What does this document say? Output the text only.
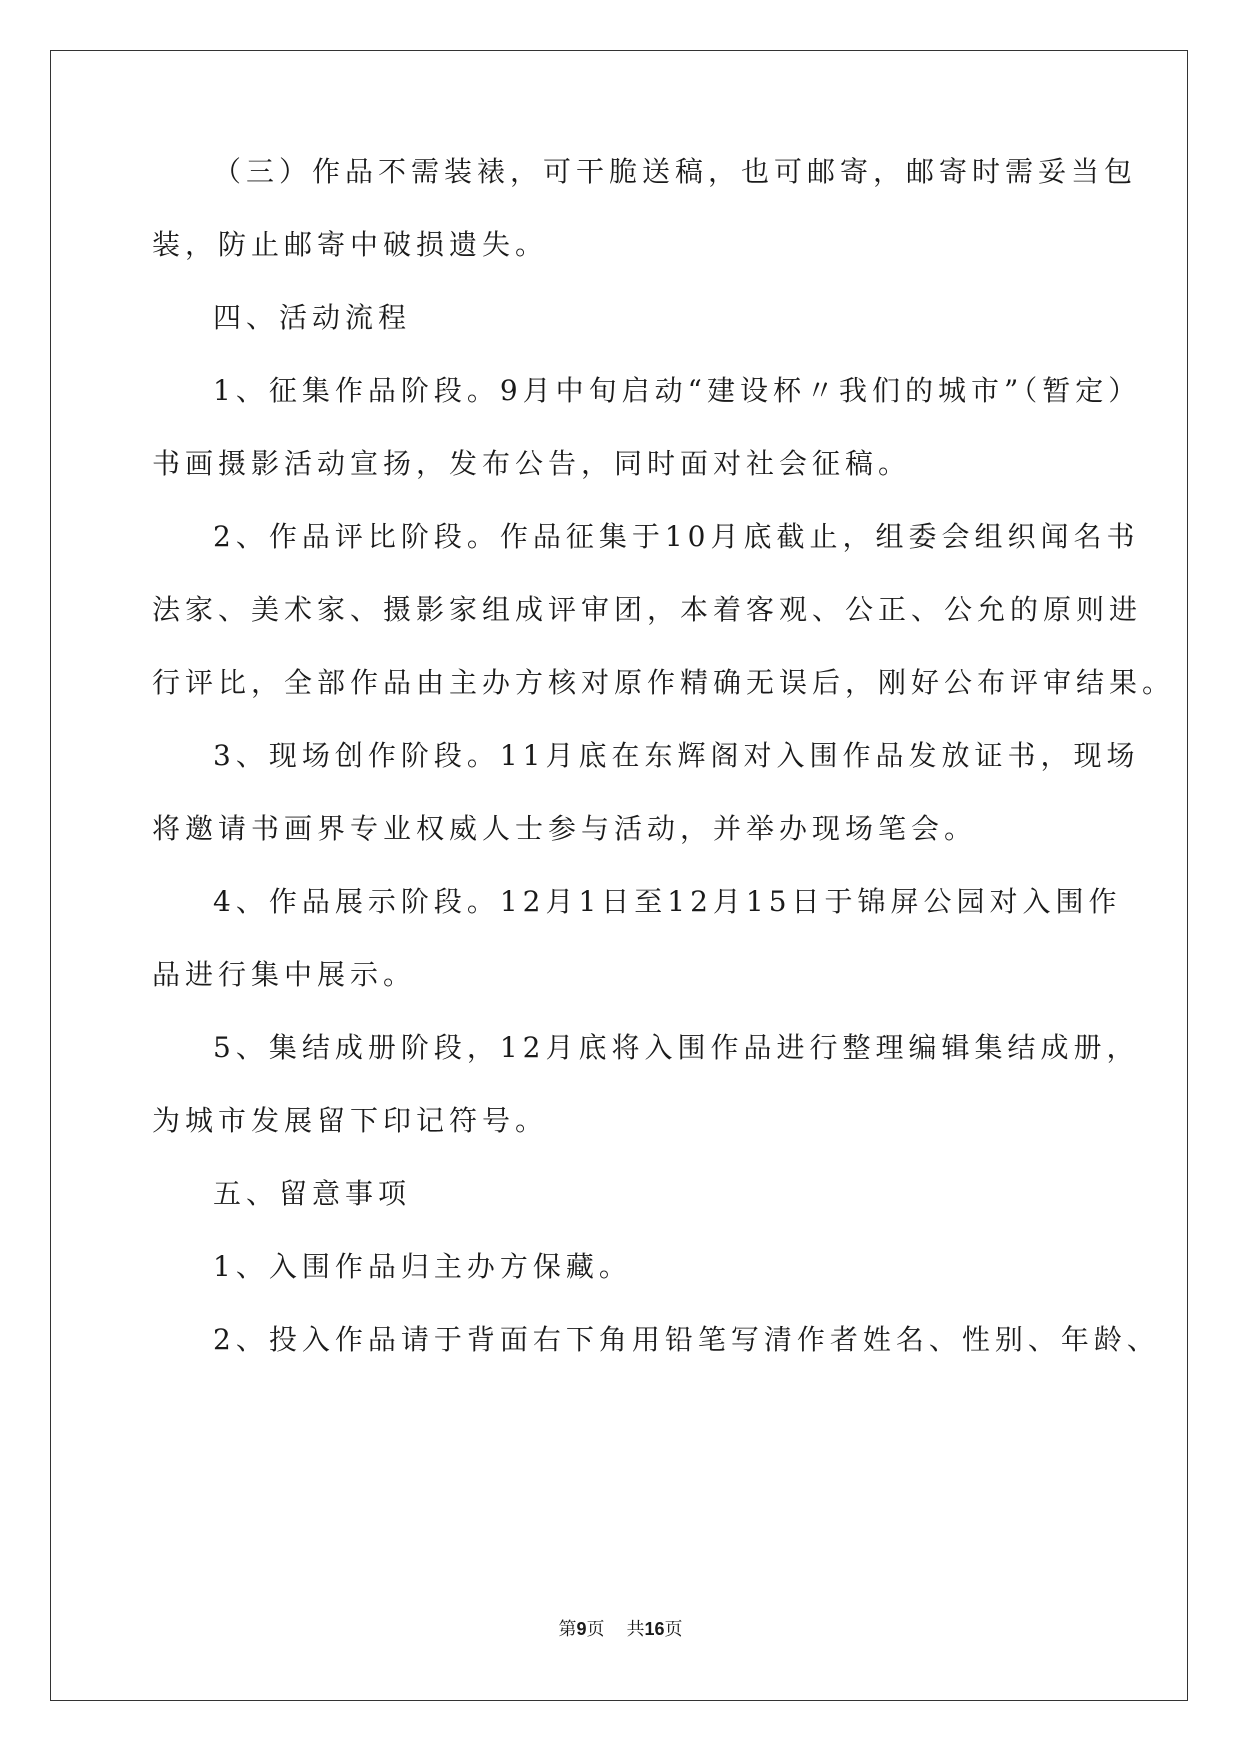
（三）作品不需装裱，可干脆送稿，也可邮寄，邮寄时需妥当包
装，防止邮寄中破损遗失。
四、活动流程
1、征集作品阶段。9月中旬启动“建设杯〃我们的城市”（暂定）
书画摄影活动宣扬，发布公告，同时面对社会征稿。
2、作品评比阶段。作品征集于10月底截止，组委会组织闻名书
法家、美术家、摄影家组成评审团，本着客观、公正、公允的原则进
行评比，全部作品由主办方核对原作精确无误后，刚好公布评审结果。
3、现场创作阶段。11月底在东辉阁对入围作品发放证书，现场
将邀请书画界专业权威人士参与活动，并举办现场笔会。
4、作品展示阶段。12月1日至12月15日于锦屏公园对入围作
品进行集中展示。
5、集结成册阶段，12月底将入围作品进行整理编辑集结成册，
为城市发展留下印记符号。
五、留意事项
1、入围作品归主办方保藏。
2、投入作品请于背面右下角用铅笔写清作者姓名、性别、年龄、
第9页 共16页
